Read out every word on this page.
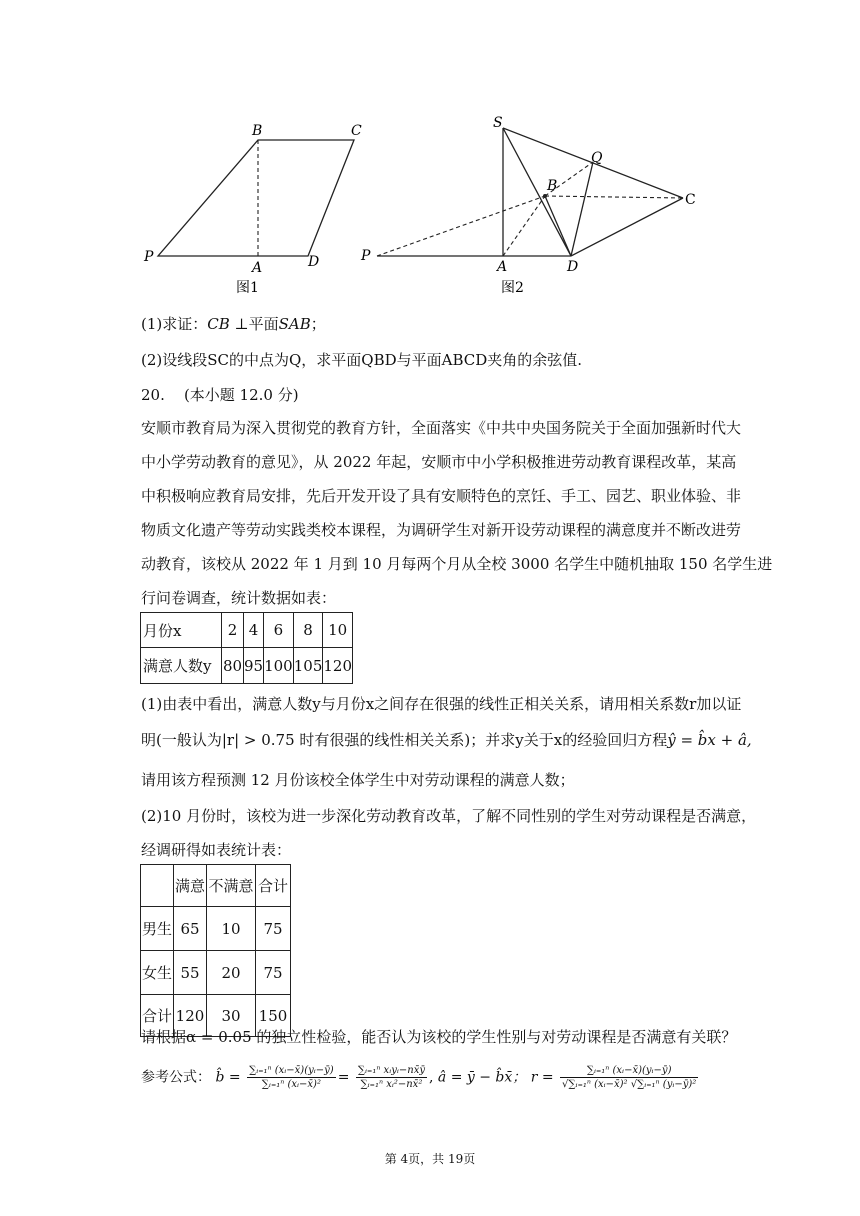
B	C
P
A	D
图1
S
Q
B
C
P
A	D
图2
(1)求证：CB ⊥平面SAB；
(2)设线段SC的中点为Q，求平面QBD与平面ABCD夹角的余弦值.
20. (本小题 12.0 分)
安顺市教育局为深入贯彻党的教育方针，全面落实《中共中央国务院关于全面加强新时代大
中小学劳动教育的意见》，从 2022 年起，安顺市中小学积极推进劳动教育课程改革，某高
中积极响应教育局安排，先后开发开设了具有安顺特色的烹饪、手工、园艺、职业体验、非
物质文化遗产等劳动实践类校本课程，为调研学生对新开设劳动课程的满意度并不断改进劳
动教育，该校从 2022 年 1 月到 10 月每两个月从全校 3000 名学生中随机抽取 150 名学生进
行问卷调查，统计数据如表：
月份x	2	4	6	8	10
满意人数y	80	95	100	105	120
(1)由表中看出，满意人数y与月份x之间存在很强的线性正相关关系，请用相关系数r加以证
明(一般认为|r| > 0.75 时有很强的线性相关关系)；并求y关于x的经验回归方程ŷ = b̂x + â,
请用该方程预测 12 月份该校全体学生中对劳动课程的满意人数；
(2)10 月份时，该校为进一步深化劳动教育改革，了解不同性别的学生对劳动课程是否满意，
经调研得如表统计表：
	满意	不满意	合计
男生	65	10	75
女生	55	20	75
合计	120	30	150
请根据α = 0.05 的独立性检验，能否认为该校的学生性别与对劳动课程是否满意有关联？
参考公式： b̂ = $\frac{\text{∑ᵢ₌₁ⁿ (xᵢ−x̄)(yᵢ−ȳ)}}{\text{∑ᵢ₌₁ⁿ (xᵢ−x̄)²}} = \frac{\text{∑ᵢ₌₁ⁿ xᵢyᵢ−nx̄ȳ}}{\text{∑ᵢ₌₁ⁿ xᵢ²−nx̄²}}$ , â = ȳ − b̂x̄； $r = \frac{\text{∑ᵢ₌₁ⁿ (xᵢ−x̄)(yᵢ−ȳ)}}{\text{√∑ᵢ₌₁ⁿ (xᵢ−x̄)² √∑ᵢ₌₁ⁿ (yᵢ−ȳ)²}}$
第 4页，共 19页
